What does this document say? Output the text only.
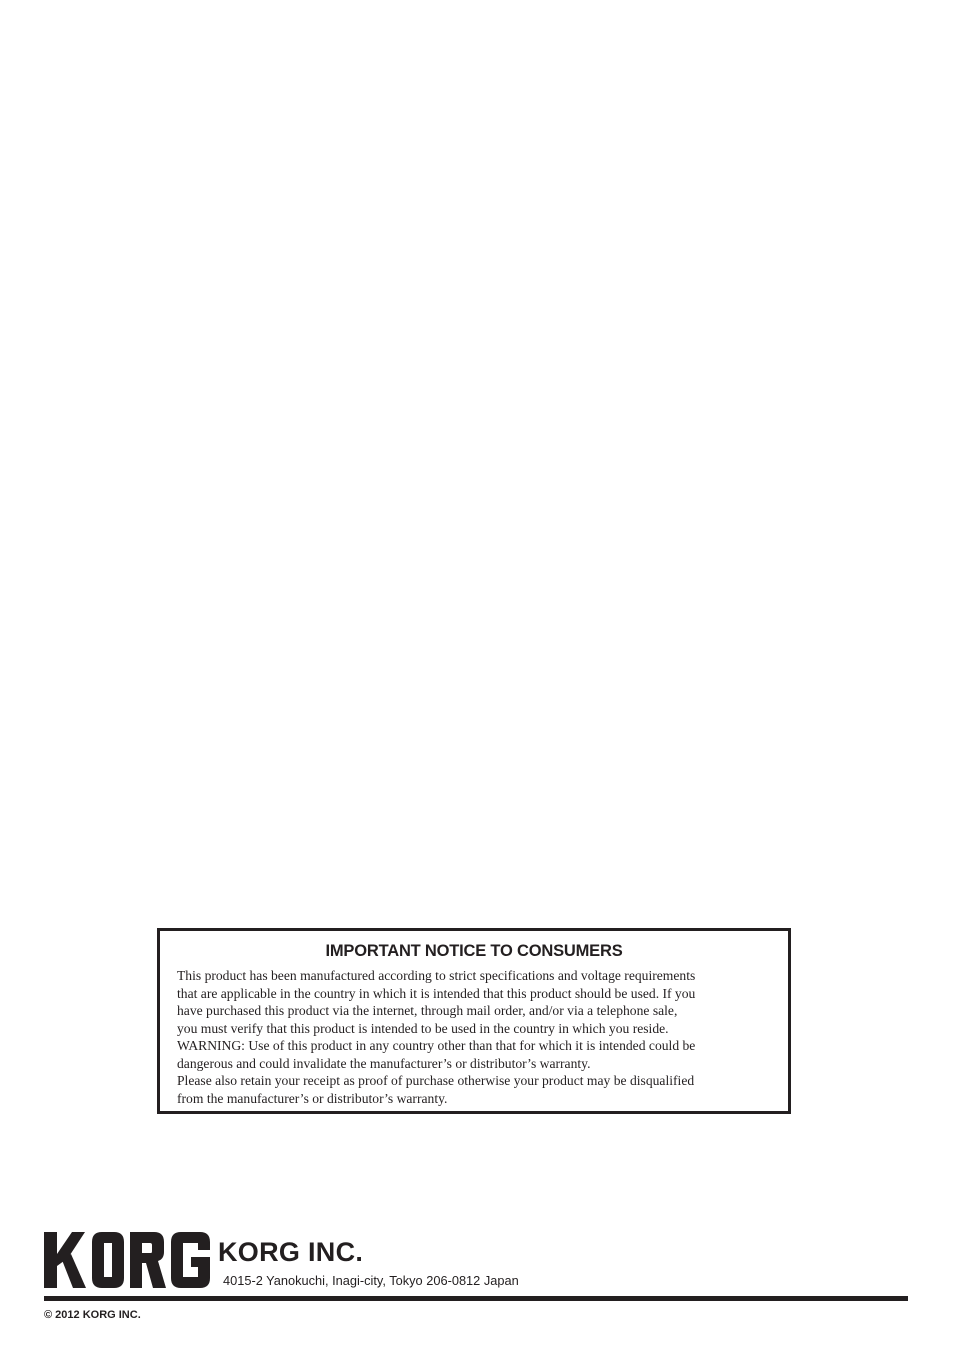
IMPORTANT NOTICE TO CONSUMERS

This product has been manufactured according to strict specifications and voltage requirements

that are applicable in the country in which it is intended that this product should be used. If you

have purchased this product via the internet, through mail order, and/or via a telephone sale,

you must verify that this product is intended to be used in the country in which you reside.

WARNING: Use of this product in any country other than that for which it is intended could be

dangerous and could invalidate the manufacturer’s or distributor’s warranty.

Please also retain your receipt as proof of purchase otherwise your product may be disqualified

from the manufacturer’s or distributor’s warranty.

KORG INC.
4015-2 Yanokuchi, Inagi-city, Tokyo 206-0812 Japan
© 2012 KORG INC.
